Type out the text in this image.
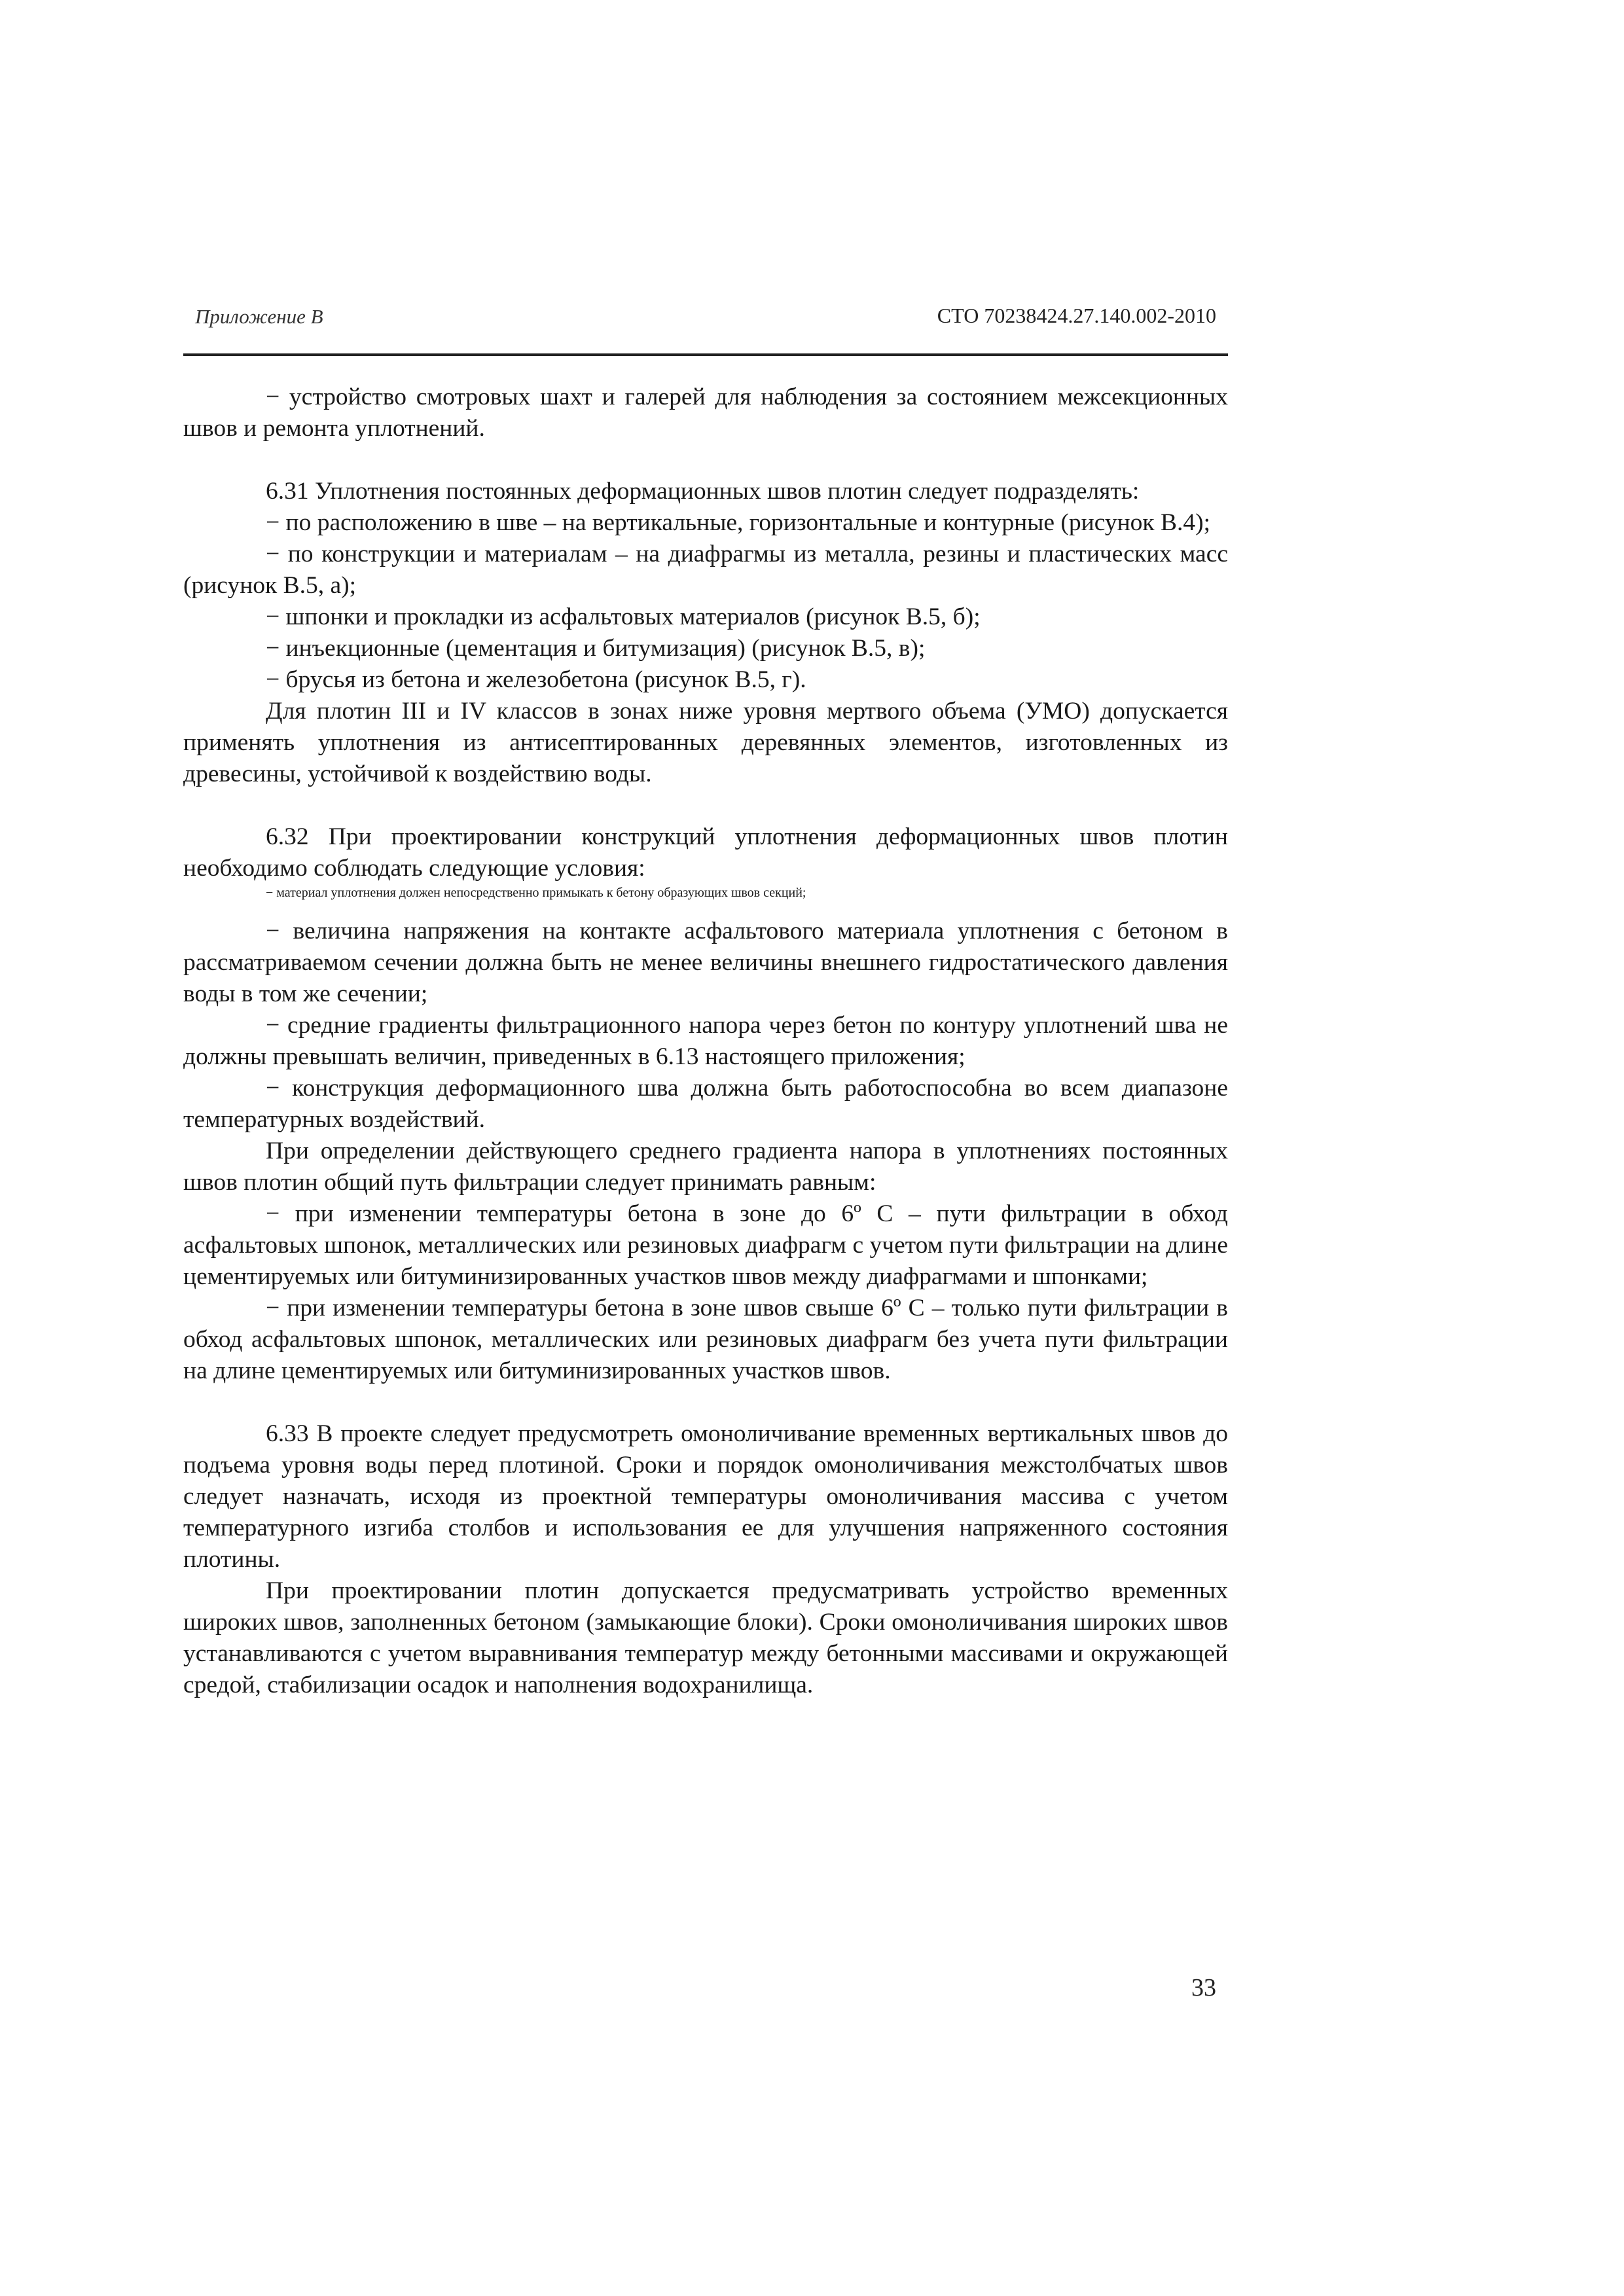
Приложение В	СТО 70238424.27.140.002-2010

− устройство смотровых шахт и галерей для наблюдения за состоянием межсекционных швов и ремонта уплотнений.

6.31 Уплотнения постоянных деформационных швов плотин следует подразделять:

− по расположению в шве – на вертикальные, горизонтальные и контурные (рисунок В.4);

− по конструкции и материалам – на диафрагмы из металла, резины и пластических масс (рисунок В.5, а);

− шпонки и прокладки из асфальтовых материалов (рисунок В.5, б);

− инъекционные (цементация и битумизация) (рисунок В.5, в);

− брусья из бетона и железобетона (рисунок В.5, г).

Для плотин III и IV классов в зонах ниже уровня мертвого объема (УМО) допускается применять уплотнения из антисептированных деревянных элементов, изготовленных из древесины, устойчивой к воздействию воды.

6.32 При проектировании конструкций уплотнения деформационных швов плотин необходимо соблюдать следующие условия:

− материал уплотнения должен непосредственно примыкать к бетону образующих швов секций;

− величина напряжения на контакте асфальтового материала уплотнения с бетоном в рассматриваемом сечении должна быть не менее величины внешнего гидростатического давления воды в том же сечении;

− средние градиенты фильтрационного напора через бетон по контуру уплотнений шва не должны превышать величин, приведенных в 6.13 настоящего приложения;

− конструкция деформационного шва должна быть работоспособна во всем диапазоне температурных воздействий.

При определении действующего среднего градиента напора в уплотнениях постоянных швов плотин общий путь фильтрации следует принимать равным:

− при изменении температуры бетона в зоне до 6º С – пути фильтрации в обход асфальтовых шпонок, металлических или резиновых диафрагм с учетом пути фильтрации на длине цементируемых или битуминизированных участков швов между диафрагмами и шпонками;

− при изменении температуры бетона в зоне швов свыше 6º С – только пути фильтрации в обход асфальтовых шпонок, металлических или резиновых диафрагм без учета пути фильтрации на длине цементируемых или битуминизированных участков швов.

6.33 В проекте следует предусмотреть омоноличивание временных вертикальных швов до подъема уровня воды перед плотиной. Сроки и порядок омоноличивания межстолбчатых швов следует назначать, исходя из проектной температуры омоноличивания массива с учетом температурного изгиба столбов и использования ее для улучшения напряженного состояния плотины.

При проектировании плотин допускается предусматривать устройство временных широких швов, заполненных бетоном (замыкающие блоки). Сроки омоноличивания широких швов устанавливаются с учетом выравнивания температур между бетонными массивами и окружающей средой, стабилизации осадок и наполнения водохранилища.

33
